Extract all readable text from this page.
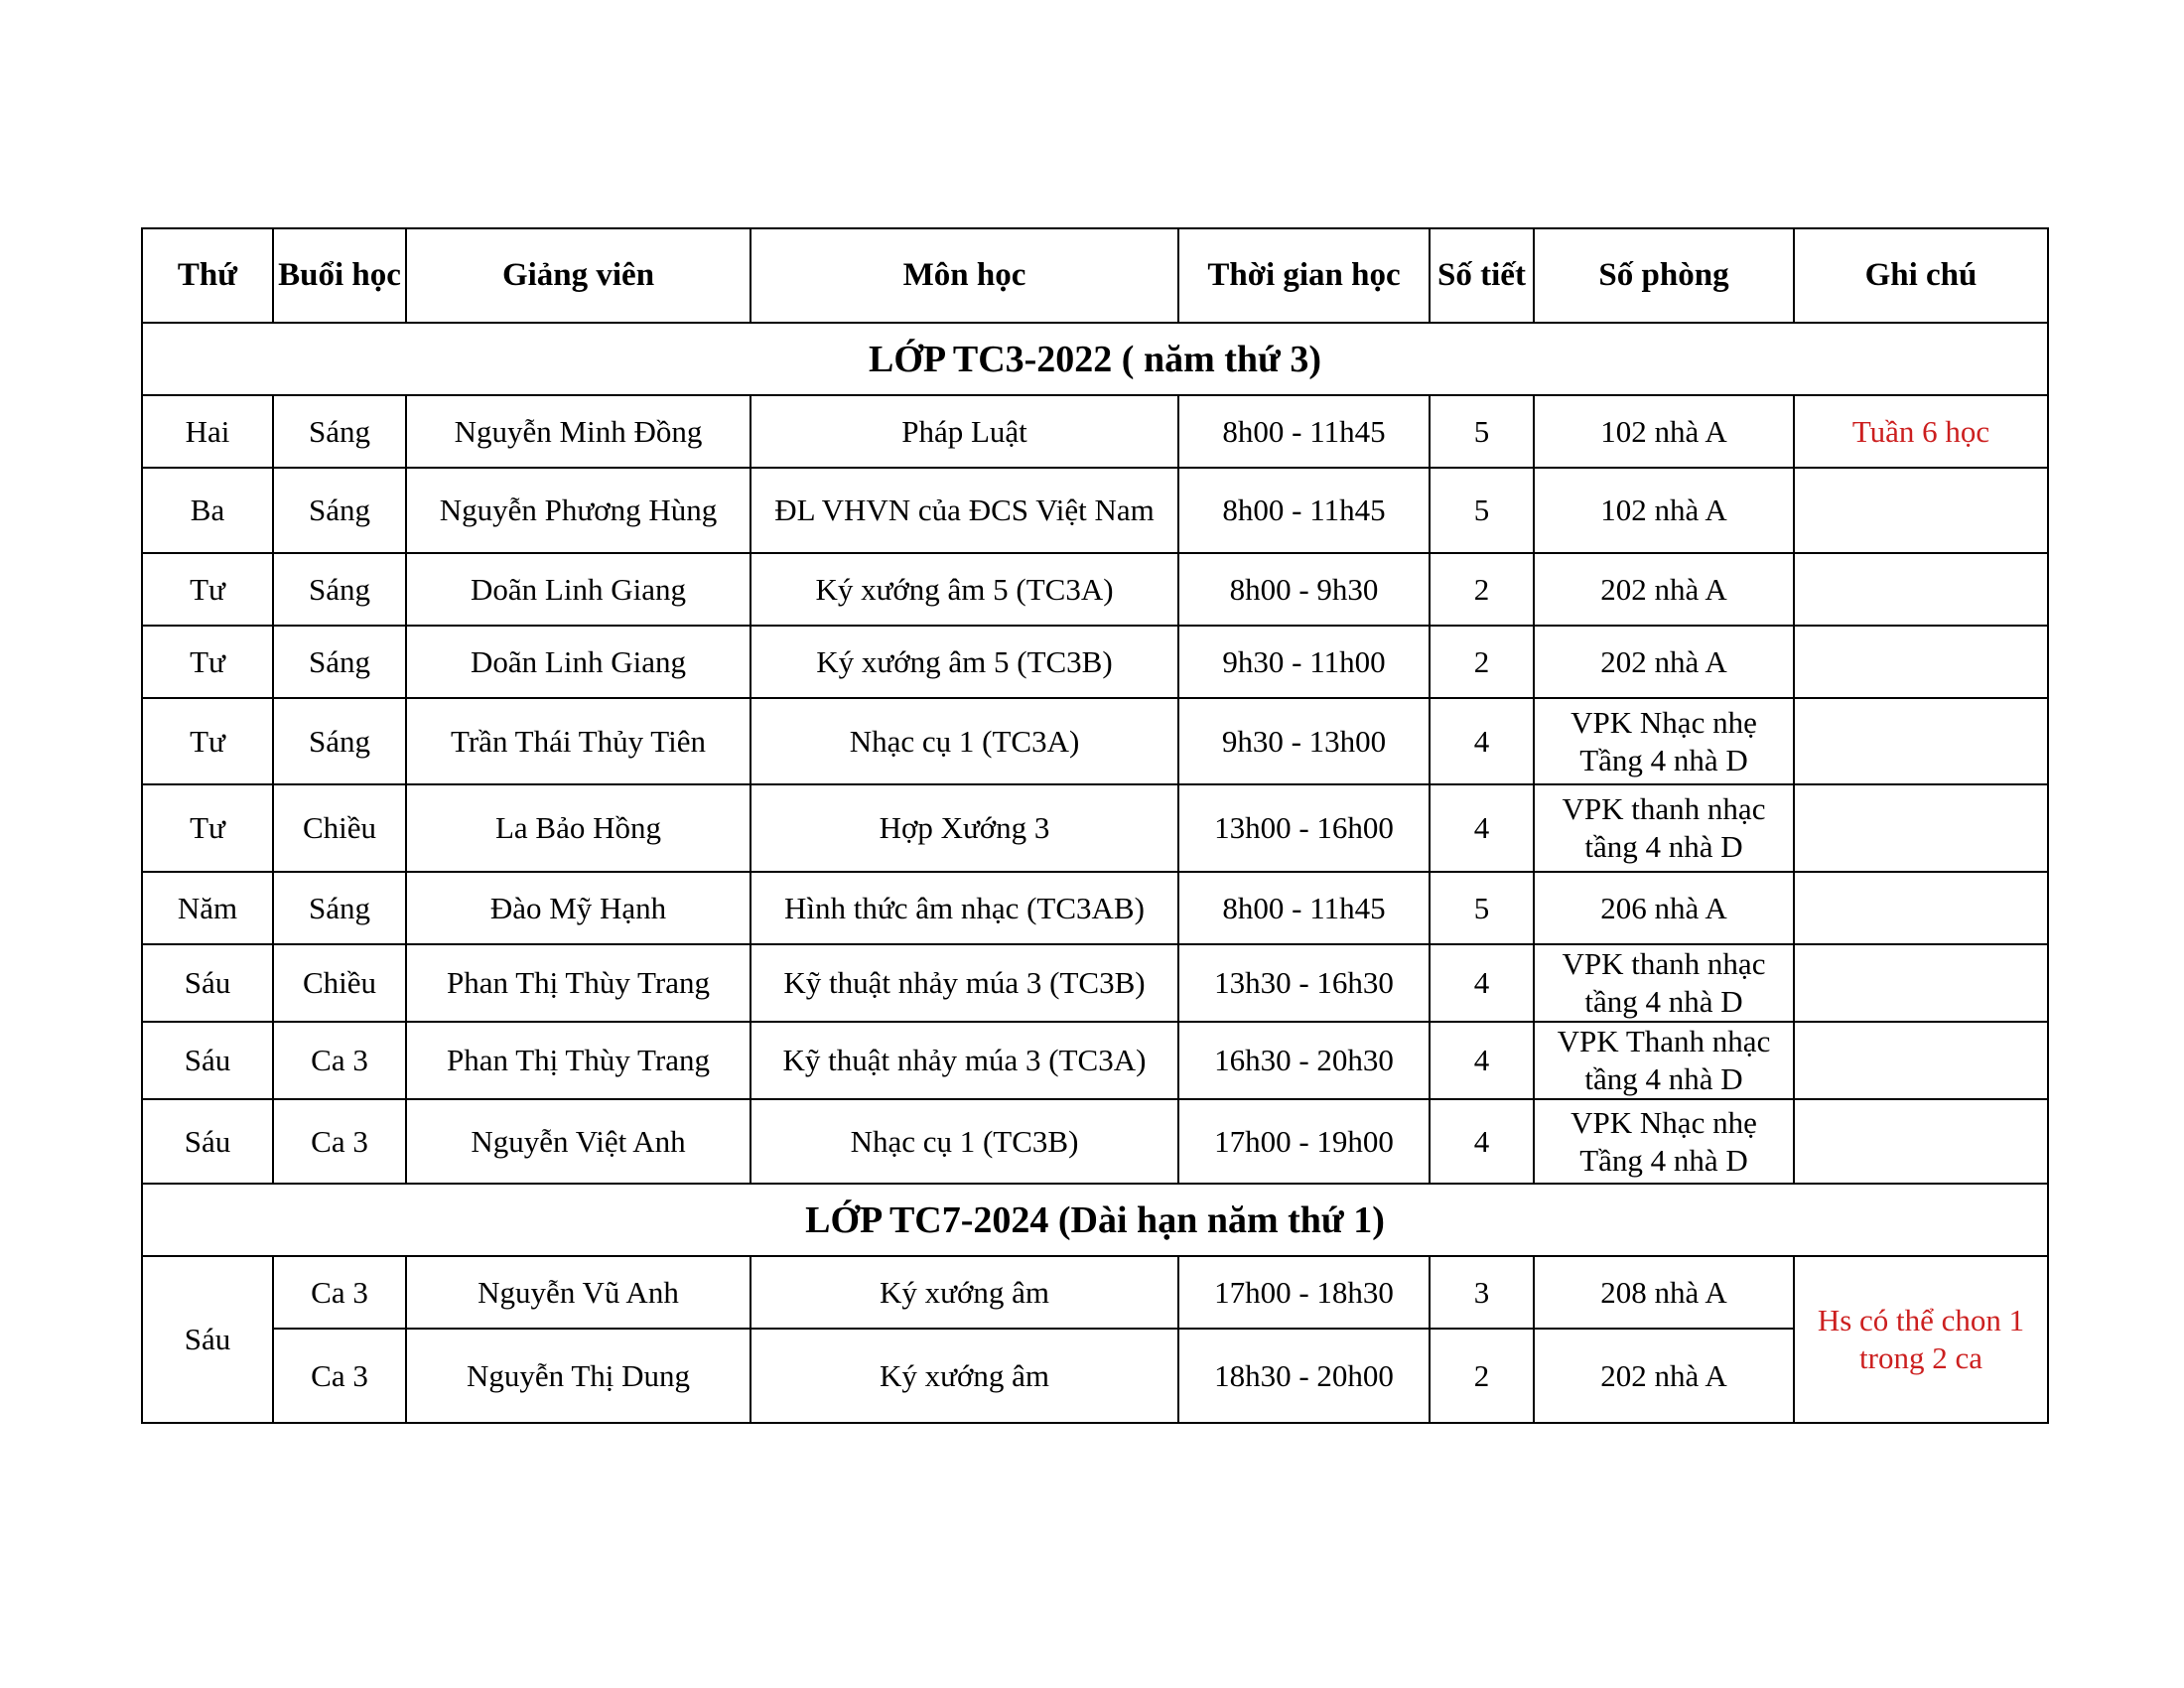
Thứ	Buổi học	Giảng viên	Môn học	Thời gian học	Số tiết	Số phòng	Ghi chú
LỚP TC3-2022 ( năm thứ 3)							
Hai	Sáng	Nguyễn Minh Đồng	Pháp Luật	8h00 - 11h45	5	102 nhà A	Tuần 6 học
Ba	Sáng	Nguyễn Phương Hùng	ĐL VHVN của ĐCS Việt Nam	8h00 - 11h45	5	102 nhà A	
Tư	Sáng	Doãn Linh Giang	Ký xướng âm 5 (TC3A)	8h00 - 9h30	2	202 nhà A	
Tư	Sáng	Doãn Linh Giang	Ký xướng âm 5 (TC3B)	9h30 - 11h00	2	202 nhà A	
Tư	Sáng	Trần Thái Thủy Tiên	Nhạc cụ 1 (TC3A)	9h30 - 13h00	4	VPK Nhạc nhẹ Tầng 4 nhà D	
Tư	Chiều	La Bảo Hồng	Hợp Xướng 3	13h00 - 16h00	4	VPK thanh nhạc tầng 4 nhà D	
Năm	Sáng	Đào Mỹ Hạnh	Hình thức âm nhạc (TC3AB)	8h00 - 11h45	5	206 nhà A	
Sáu	Chiều	Phan Thị Thùy Trang	Kỹ thuật nhảy múa 3 (TC3B)	13h30 - 16h30	4	VPK thanh nhạc tầng 4 nhà D	
Sáu	Ca 3	Phan Thị Thùy Trang	Kỹ thuật nhảy múa 3 (TC3A)	16h30 - 20h30	4	VPK Thanh nhạc tầng 4 nhà D	
Sáu	Ca 3	Nguyễn Việt Anh	Nhạc cụ 1 (TC3B)	17h00 - 19h00	4	VPK Nhạc nhẹ Tầng 4 nhà D	
LỚP TC7-2024 (Dài hạn năm thứ 1)							
Sáu	Ca 3	Nguyễn Vũ Anh	Ký xướng âm	17h00 - 18h30	3	208 nhà A	Hs có thể chon 1 trong 2 ca
	Ca 3	Nguyễn Thị Dung	Ký xướng âm	18h30 - 20h00	2	202 nhà A	
